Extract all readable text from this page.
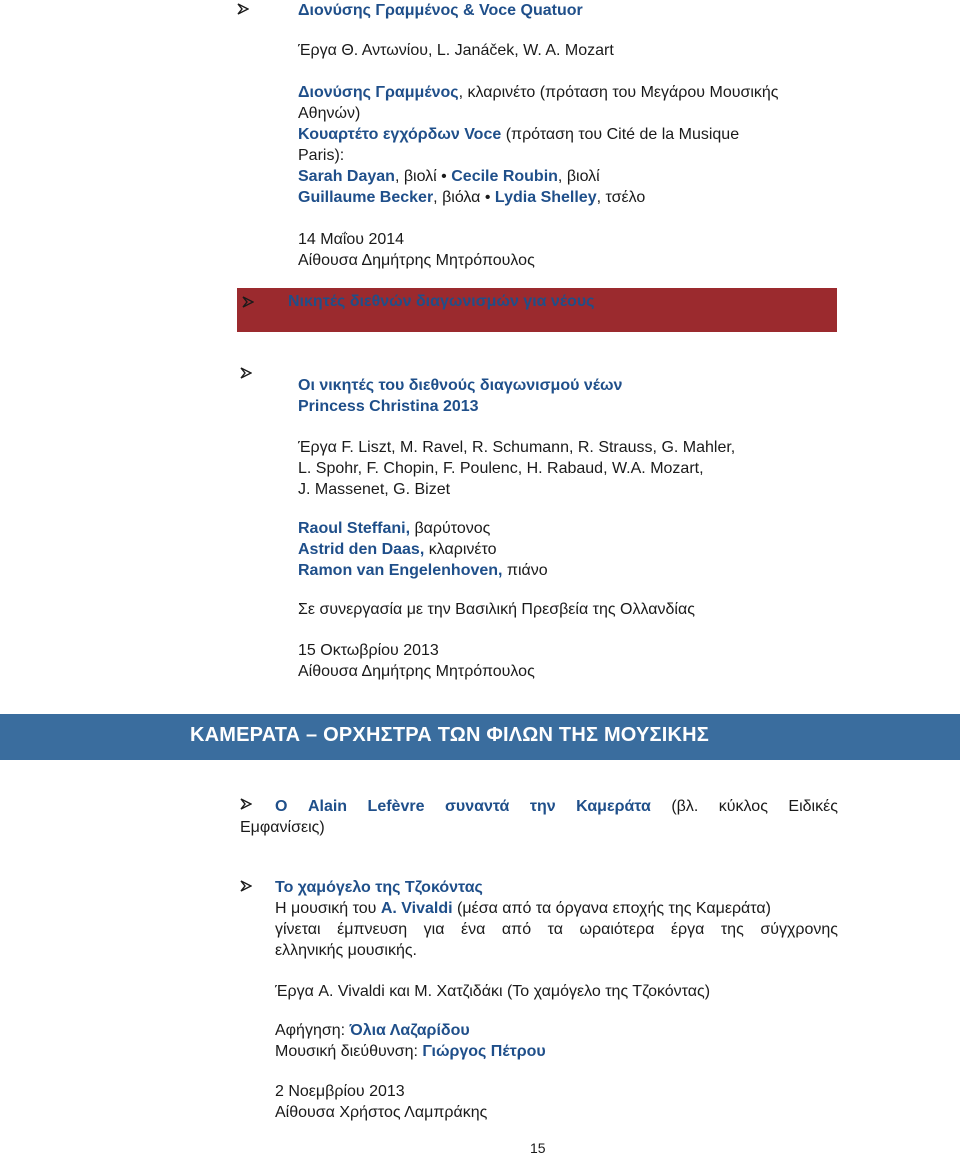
Διονύσης Γραμμένος & Voce Quatuor
Έργα Θ. Αντωνίου, L. Janáček, W. A. Mozart
Διονύσης Γραμμένος, κλαρινέτο (πρόταση του Μεγάρου Μουσικής
Αθηνών)
Κουαρτέτο εγχόρδων Voce (πρόταση του Cité de la Musique
Paris):
Sarah Dayan, βιολί • Cecile Roubin, βιολί
Guillaume Becker, βιόλα • Lydia Shelley, τσέλο
14 Μαΐου 2014
Αίθουσα Δημήτρης Μητρόπουλος
Νικητές διεθνών διαγωνισμών για νέους
Οι νικητές του διεθνούς διαγωνισμού νέων
Princess Christina 2013
Έργα F. Liszt, M. Ravel, R. Schumann, R. Strauss, G. Mahler,
L. Spohr, F. Chopin, F. Poulenc, H. Rabaud, W.A. Mozart,
J. Massenet, G. Bizet
Raoul Steffani, βαρύτονος
Astrid den Daas, κλαρινέτο
Ramon van Engelenhoven, πιάνο
Σε συνεργασία με την Βασιλική Πρεσβεία της Ολλανδίας
15 Οκτωβρίου 2013
Αίθουσα Δημήτρης Μητρόπουλος
ΚΑΜΕΡΑΤΑ – ΟΡΧΗΣΤΡΑ ΤΩΝ ΦΙΛΩΝ ΤΗΣ ΜΟΥΣΙΚΗΣ
Ο Alain Lefèvre συναντά την Καμεράτα (βλ. κύκλος Ειδικές
Εμφανίσεις)
Το χαμόγελο της Τζοκόντας
Η μουσική του Α. Vivaldi (μέσα από τα όργανα εποχής της Καμεράτα)
γίνεται έμπνευση για ένα από τα ωραιότερα έργα της σύγχρονης
ελληνικής μουσικής.
Έργα A. Vivaldi και Μ. Χατζιδάκι (Το χαμόγελο της Τζοκόντας)
Αφήγηση: Όλια Λαζαρίδου
Μουσική διεύθυνση: Γιώργος Πέτρου
2 Νοεμβρίου 2013
Αίθουσα Χρήστος Λαμπράκης
15
